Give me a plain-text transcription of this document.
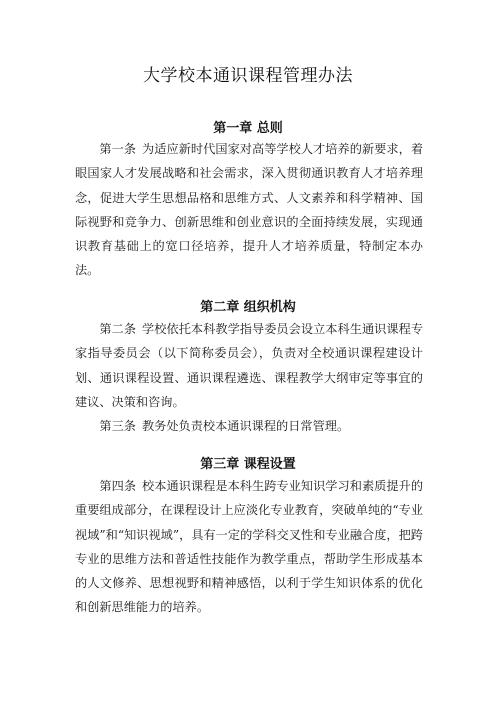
大学校本通识课程管理办法
第一章 总则

第一条 为适应新时代国家对高等学校人才培养的新要求，着眼国家人才发展战略和社会需求，深入贯彻通识教育人才培养理念，促进大学生思想品格和思维方式、人文素养和科学精神、国际视野和竞争力、创新思维和创业意识的全面持续发展，实现通识教育基础上的宽口径培养，提升人才培养质量，特制定本办法。

第二章 组织机构

第二条 学校依托本科教学指导委员会设立本科生通识课程专家指导委员会（以下简称委员会），负责对全校通识课程建设计划、通识课程设置、通识课程遴选、课程教学大纲审定等事宜的建议、决策和咨询。

第三条 教务处负责校本通识课程的日常管理。

第三章 课程设置

第四条 校本通识课程是本科生跨专业知识学习和素质提升的重要组成部分，在课程设计上应淡化专业教育，突破单纯的“专业视域”和“知识视域”，具有一定的学科交叉性和专业融合度，把跨专业的思维方法和普适性技能作为教学重点，帮助学生形成基本的人文修养、思想视野和精神感悟，以利于学生知识体系的优化和创新思维能力的培养。
